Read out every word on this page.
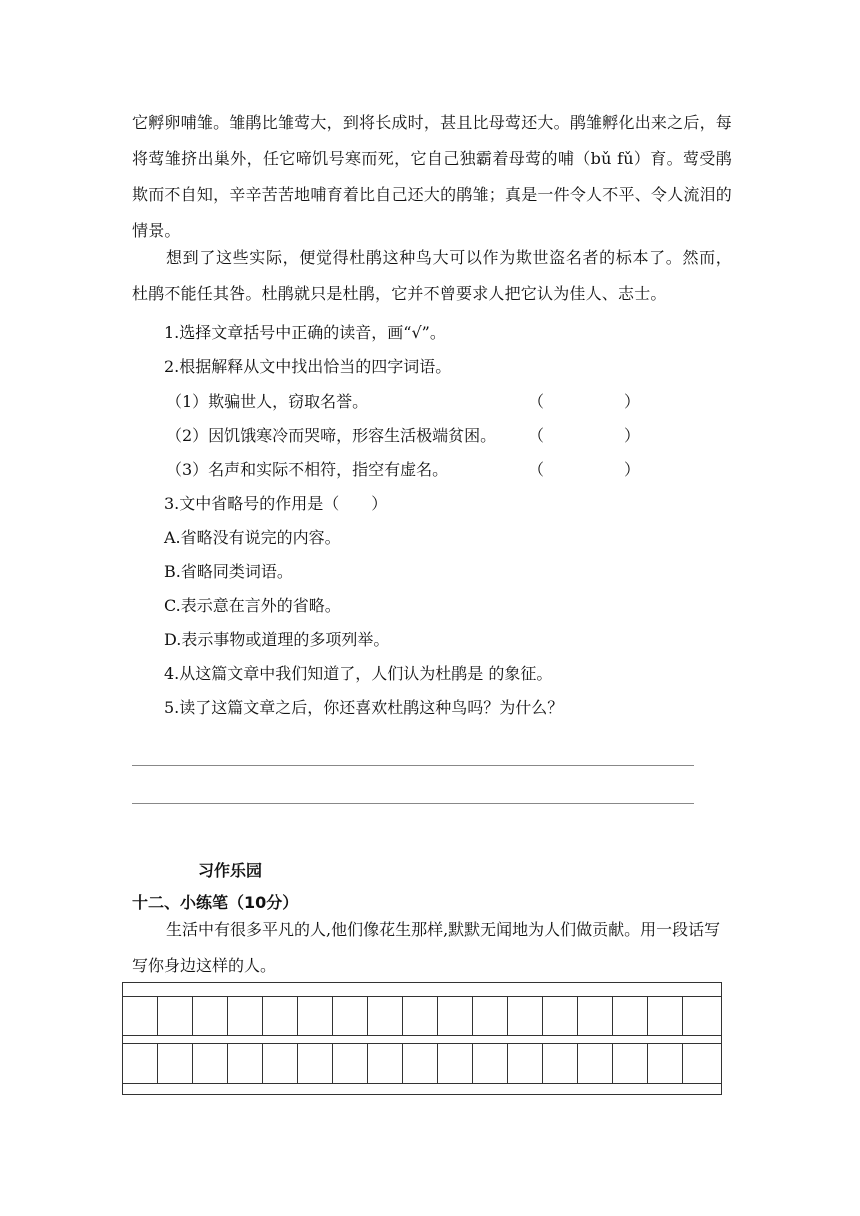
它孵卵哺雏。雏鹃比雏莺大，到将长成时，甚且比母莺还大。鹃雏孵化出来之后，每将莺雏挤出巢外，任它啼饥号寒而死，它自己独霸着母莺的哺（bǔ fǔ）育。莺受鹃欺而不自知，辛辛苦苦地哺育着比自己还大的鹃雏；真是一件令人不平、令人流泪的情景。

想到了这些实际，便觉得杜鹃这种鸟大可以作为欺世盗名者的标本了。然而，杜鹃不能任其咎。杜鹃就只是杜鹃，它并不曾要求人把它认为佳人、志士。

1.选择文章括号中正确的读音，画“√”。

2.根据解释从文中找出恰当的四字词语。

（1）欺骗世人，窃取名誉。	（	）

（2）因饥饿寒冷而哭啼，形容生活极端贫困。 （	）

（3）名声和实际不相符，指空有虚名。	（	）

3.文中省略号的作用是（　　）

A.省略没有说完的内容。

B.省略同类词语。

C.表示意在言外的省略。

D.表示事物或道理的多项列举。

4.从这篇文章中我们知道了，人们认为杜鹃是 的象征。

5.读了这篇文章之后，你还喜欢杜鹃这种鸟吗？为什么？

习作乐园

十二、小练笔（10分）

生活中有很多平凡的人,他们像花生那样,默默无闻地为人们做贡献。用一段话写写你身边这样的人。
